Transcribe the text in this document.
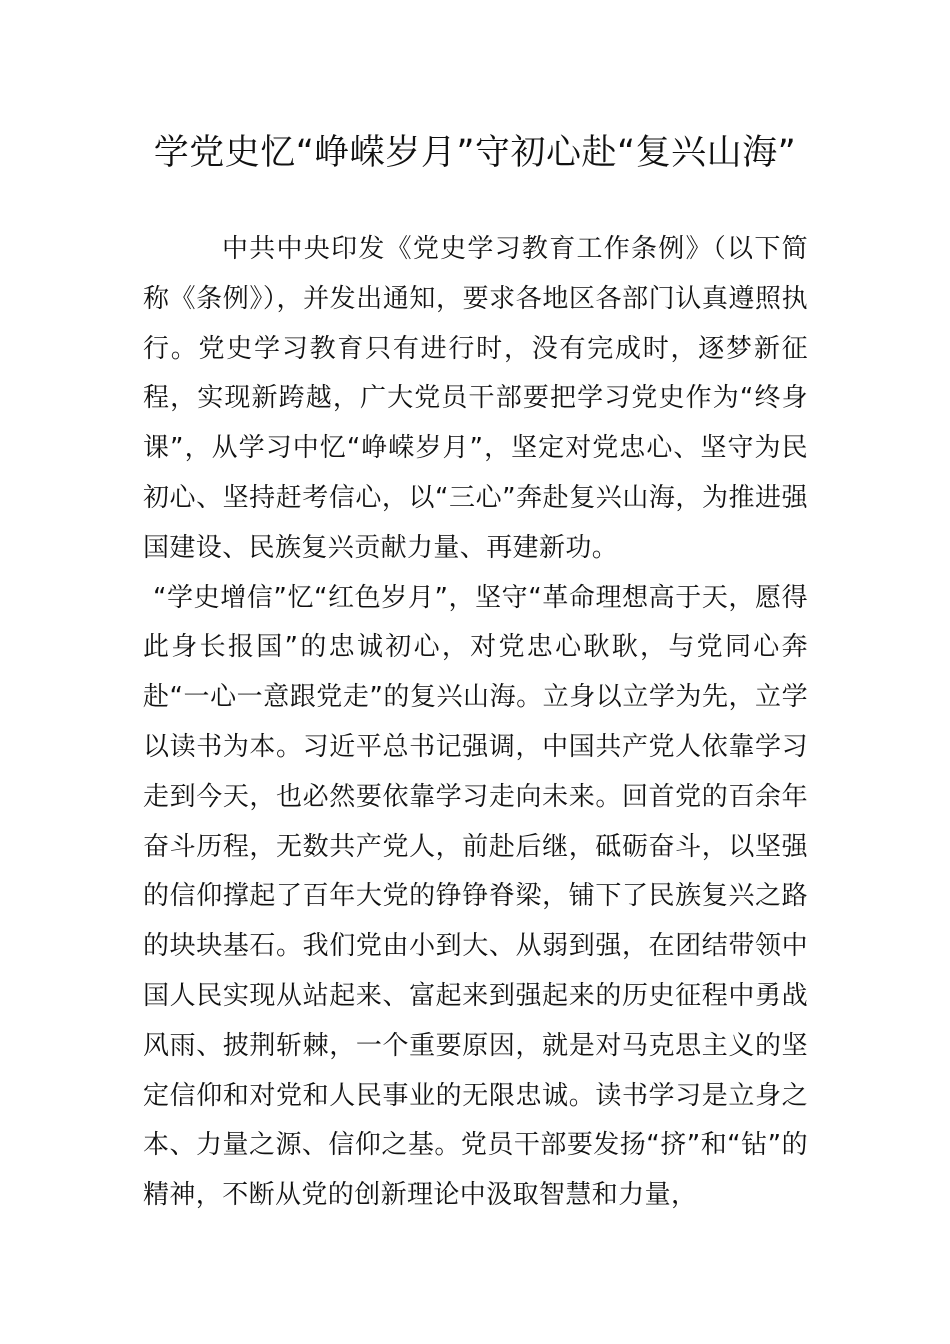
学党史忆“峥嵘岁月”守初心赴“复兴山海”

中共中央印发《党史学习教育工作条例》（以下简称《条例》），并发出通知，要求各地区各部门认真遵照执行。党史学习教育只有进行时，没有完成时，逐梦新征程，实现新跨越，广大党员干部要把学习党史作为“终身课”，从学习中忆“峥嵘岁月”，坚定对党忠心、坚守为民初心、坚持赶考信心，以“三心”奔赴复兴山海，为推进强国建设、民族复兴贡献力量、再建新功。

“学史增信”忆“红色岁月”，坚守“革命理想高于天，愿得此身长报国”的忠诚初心，对党忠心耿耿，与党同心奔赴“一心一意跟党走”的复兴山海。立身以立学为先，立学以读书为本。习近平总书记强调，中国共产党人依靠学习走到今天，也必然要依靠学习走向未来。回首党的百余年奋斗历程，无数共产党人，前赴后继，砥砺奋斗，以坚强的信仰撑起了百年大党的铮铮脊梁，铺下了民族复兴之路的块块基石。我们党由小到大、从弱到强，在团结带领中国人民实现从站起来、富起来到强起来的历史征程中勇战风雨、披荆斩棘，一个重要原因，就是对马克思主义的坚定信仰和对党和人民事业的无限忠诚。读书学习是立身之本、力量之源、信仰之基。党员干部要发扬“挤”和“钻”的精神，不断从党的创新理论中汲取智慧和力量，
